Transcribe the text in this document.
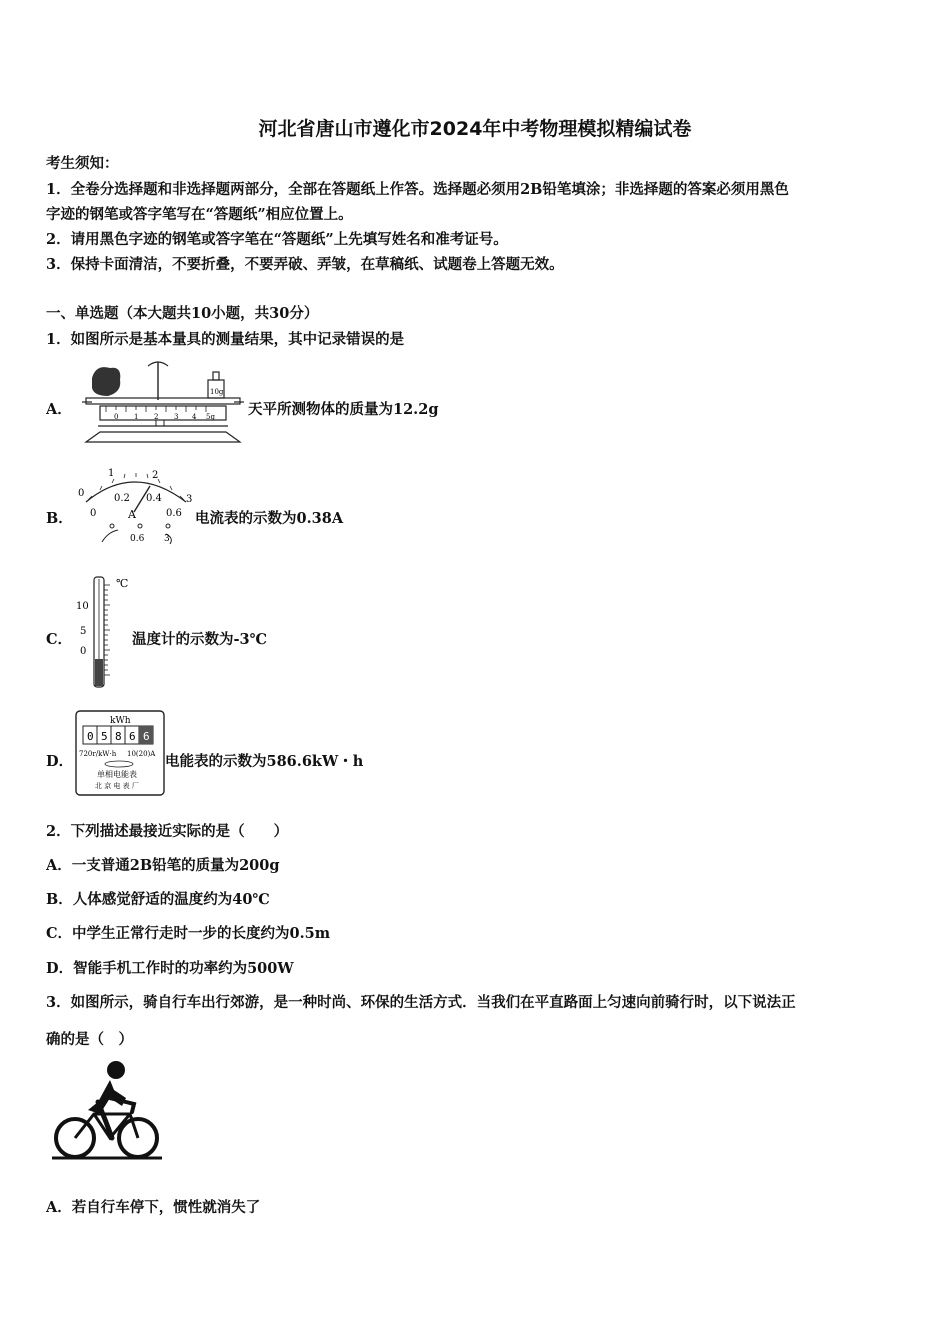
河北省唐山市遵化市2024年中考物理模拟精编试卷
考生须知：
1．全卷分选择题和非选择题两部分，全部在答题纸上作答。选择题必须用2B铅笔填涂；非选择题的答案必须用黑色
字迹的钢笔或答字笔写在“答题纸”相应位置上。
2．请用黑色字迹的钢笔或答字笔在“答题纸”上先填写姓名和准考证号。
3．保持卡面清洁，不要折叠，不要弄破、弄皱，在草稿纸、试题卷上答题无效。
一、单选题（本大题共10小题，共30分）
1．如图所示是基本量具的测量结果，其中记录错误的是
A．
10g
0 1 2 3 4 5g 天平所测物体的质量为12.2g
B．
0
1	2
3
0
0.2 0.4
0.6
A
0.6 3
电流表的示数为0.38A
C．
℃
10
5
0
温度计的示数为-3℃
D．
kWh
0 5 8 6 6
720r/kW·h 10(20)A
单相电能表
北 京 电 表 厂
电能表的示数为586.6kW・h
2．下列描述最接近实际的是（　　）
A．一支普通2B铅笔的质量为200g
B．人体感觉舒适的温度约为40℃
C．中学生正常行走时一步的长度约为0.5m
D．智能手机工作时的功率约为500W
3．如图所示，骑自行车出行郊游，是一种时尚、环保的生活方式．当我们在平直路面上匀速向前骑行时，以下说法正
确的是（　）
A．若自行车停下，惯性就消失了
